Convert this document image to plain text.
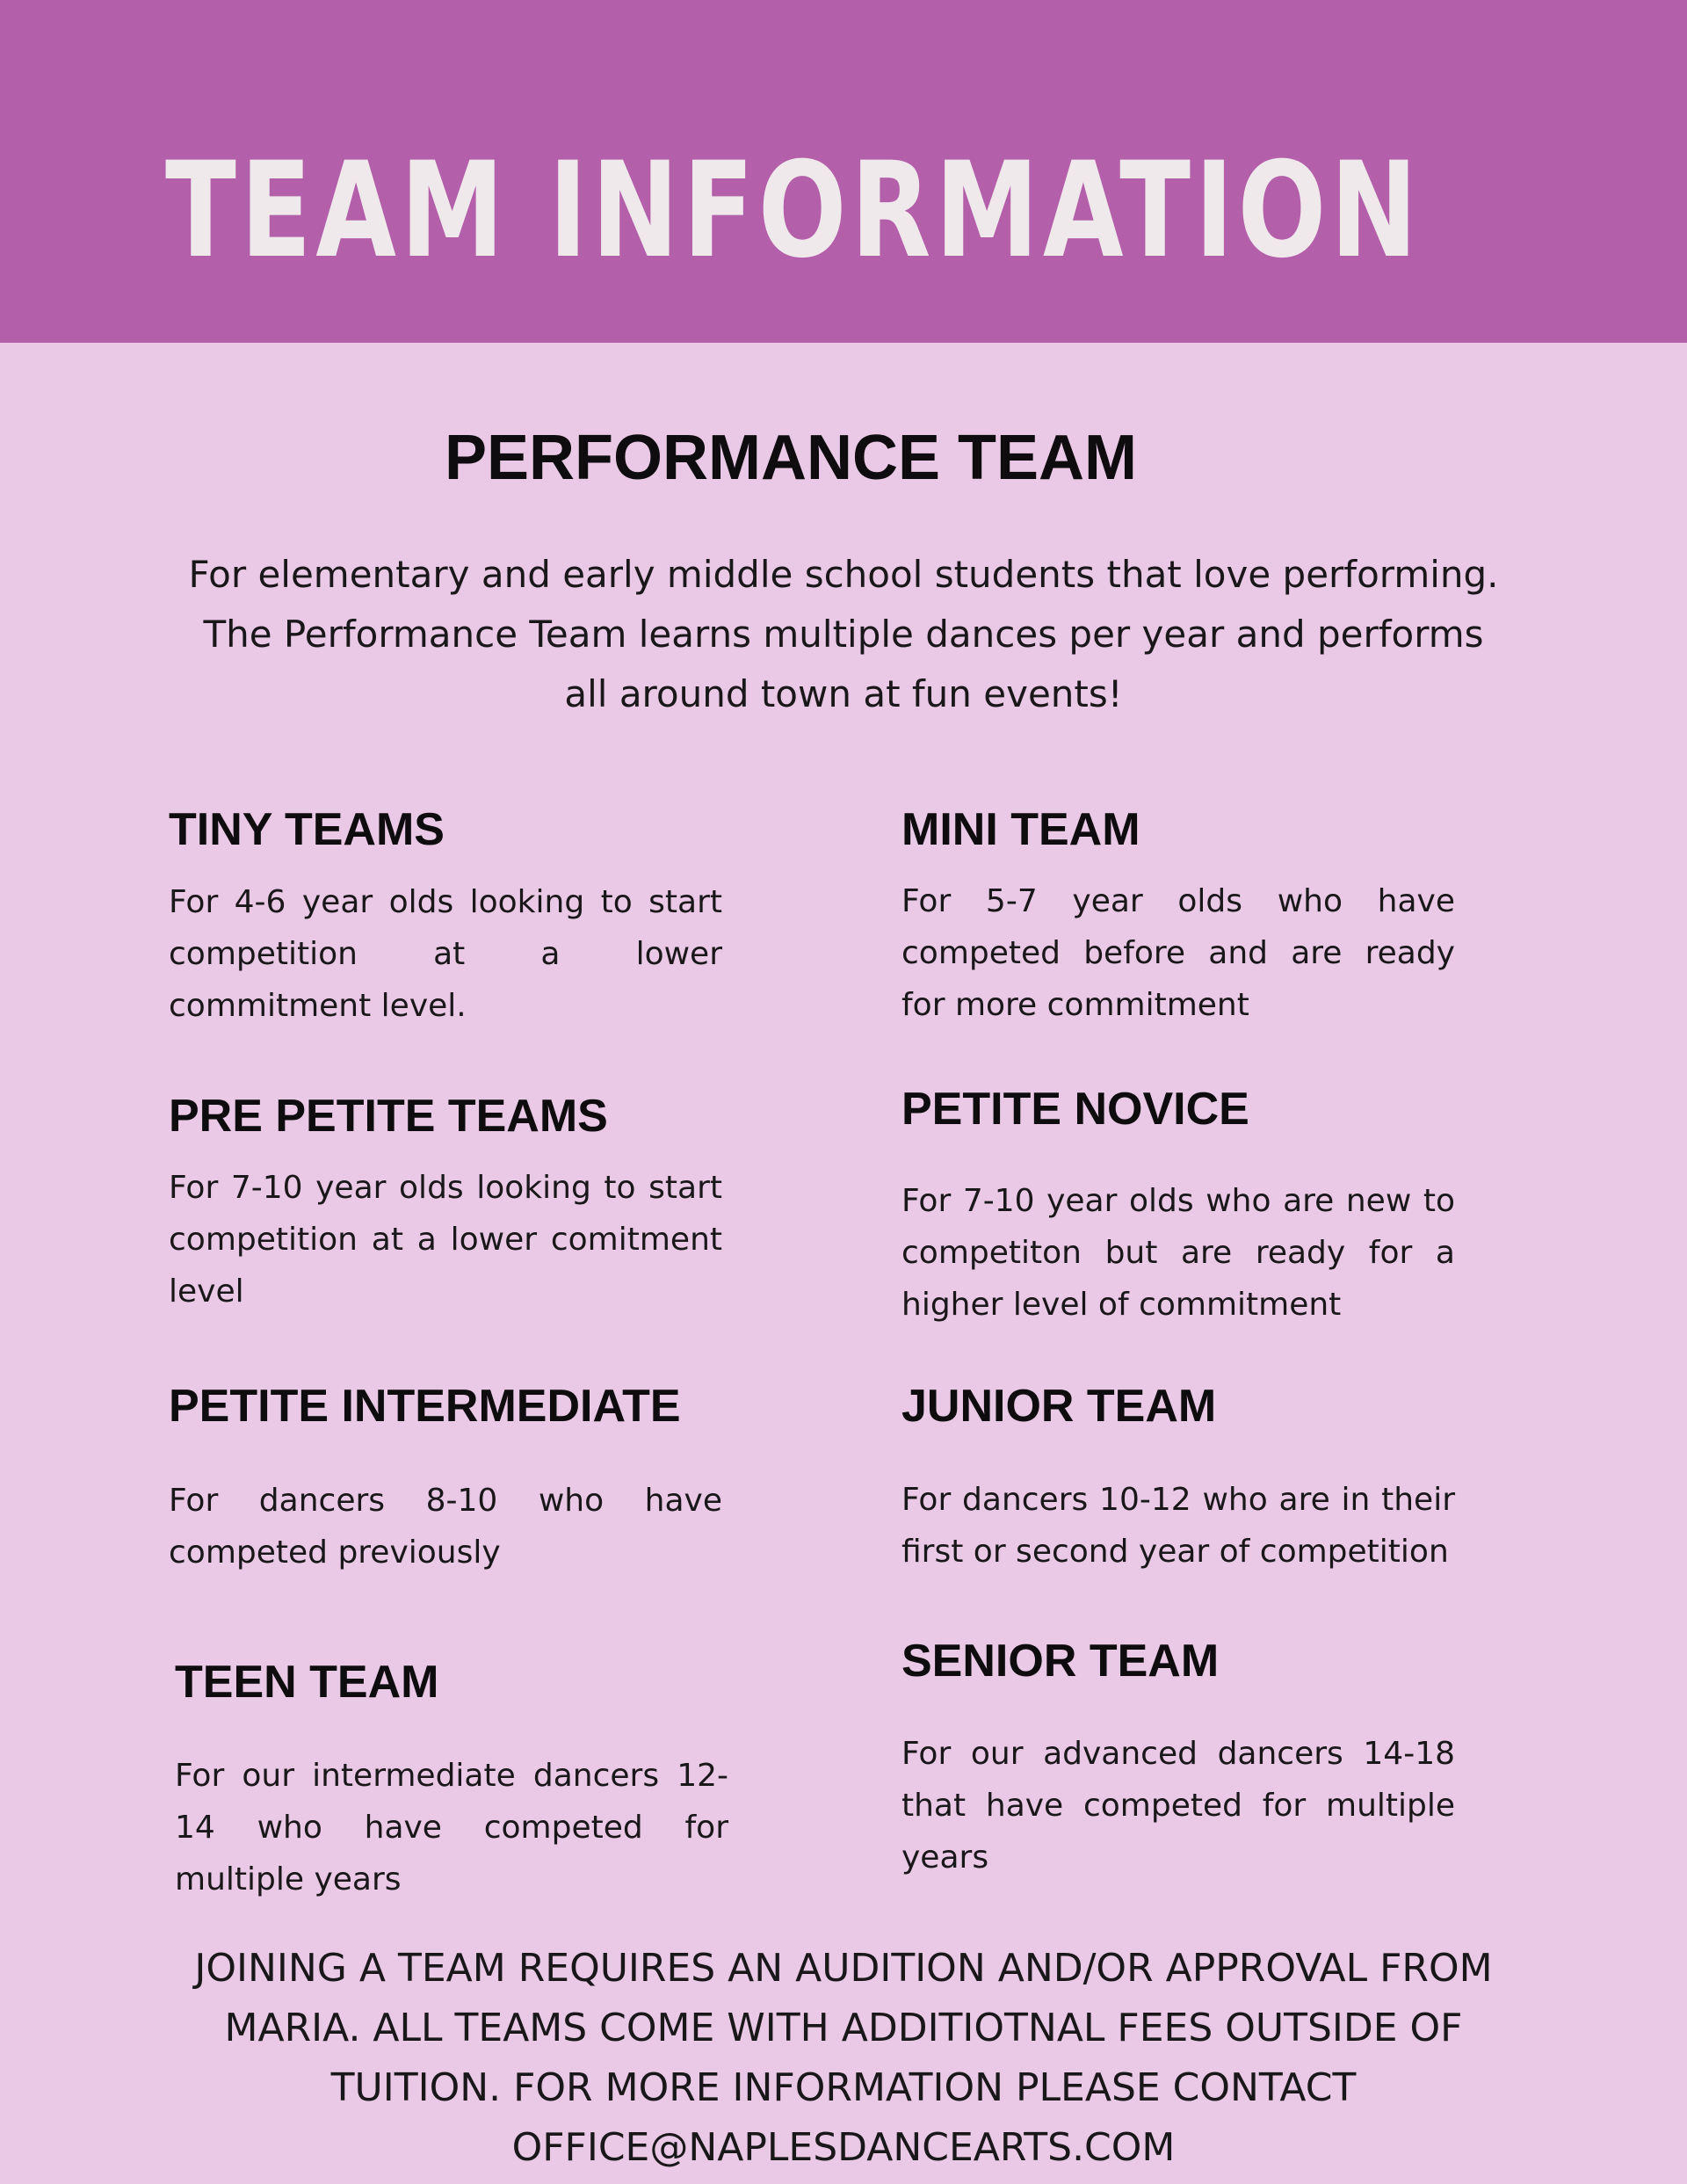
TEAM INFORMATION
PERFORMANCE TEAM

For elementary and early middle school students that love performing. The Performance Team learns multiple dances per year and performs all around town at fun events!

TINY TEAMS

For 4-6 year olds looking to start competition at a lower commitment level.

PRE PETITE TEAMS

For 7-10 year olds looking to start competition at a lower comitment level

PETITE INTERMEDIATE

For dancers 8-10 who have competed previously

TEEN TEAM

For our intermediate dancers 12-14 who have competed for multiple years

MINI TEAM

For 5-7 year olds who have competed before and are ready for more commitment

PETITE NOVICE

For 7-10 year olds who are new to competiton but are ready for a higher level of commitment

JUNIOR TEAM

For dancers 10-12 who are in their first or second year of competition

SENIOR TEAM

For our advanced dancers 14-18 that have competed for multiple years

JOINING A TEAM REQUIRES AN AUDITION AND/OR APPROVAL FROM MARIA. ALL TEAMS COME WITH ADDITIOTNAL FEES OUTSIDE OF TUITION. FOR MORE INFORMATION PLEASE CONTACT OFFICE@NAPLESDANCEARTS.COM
